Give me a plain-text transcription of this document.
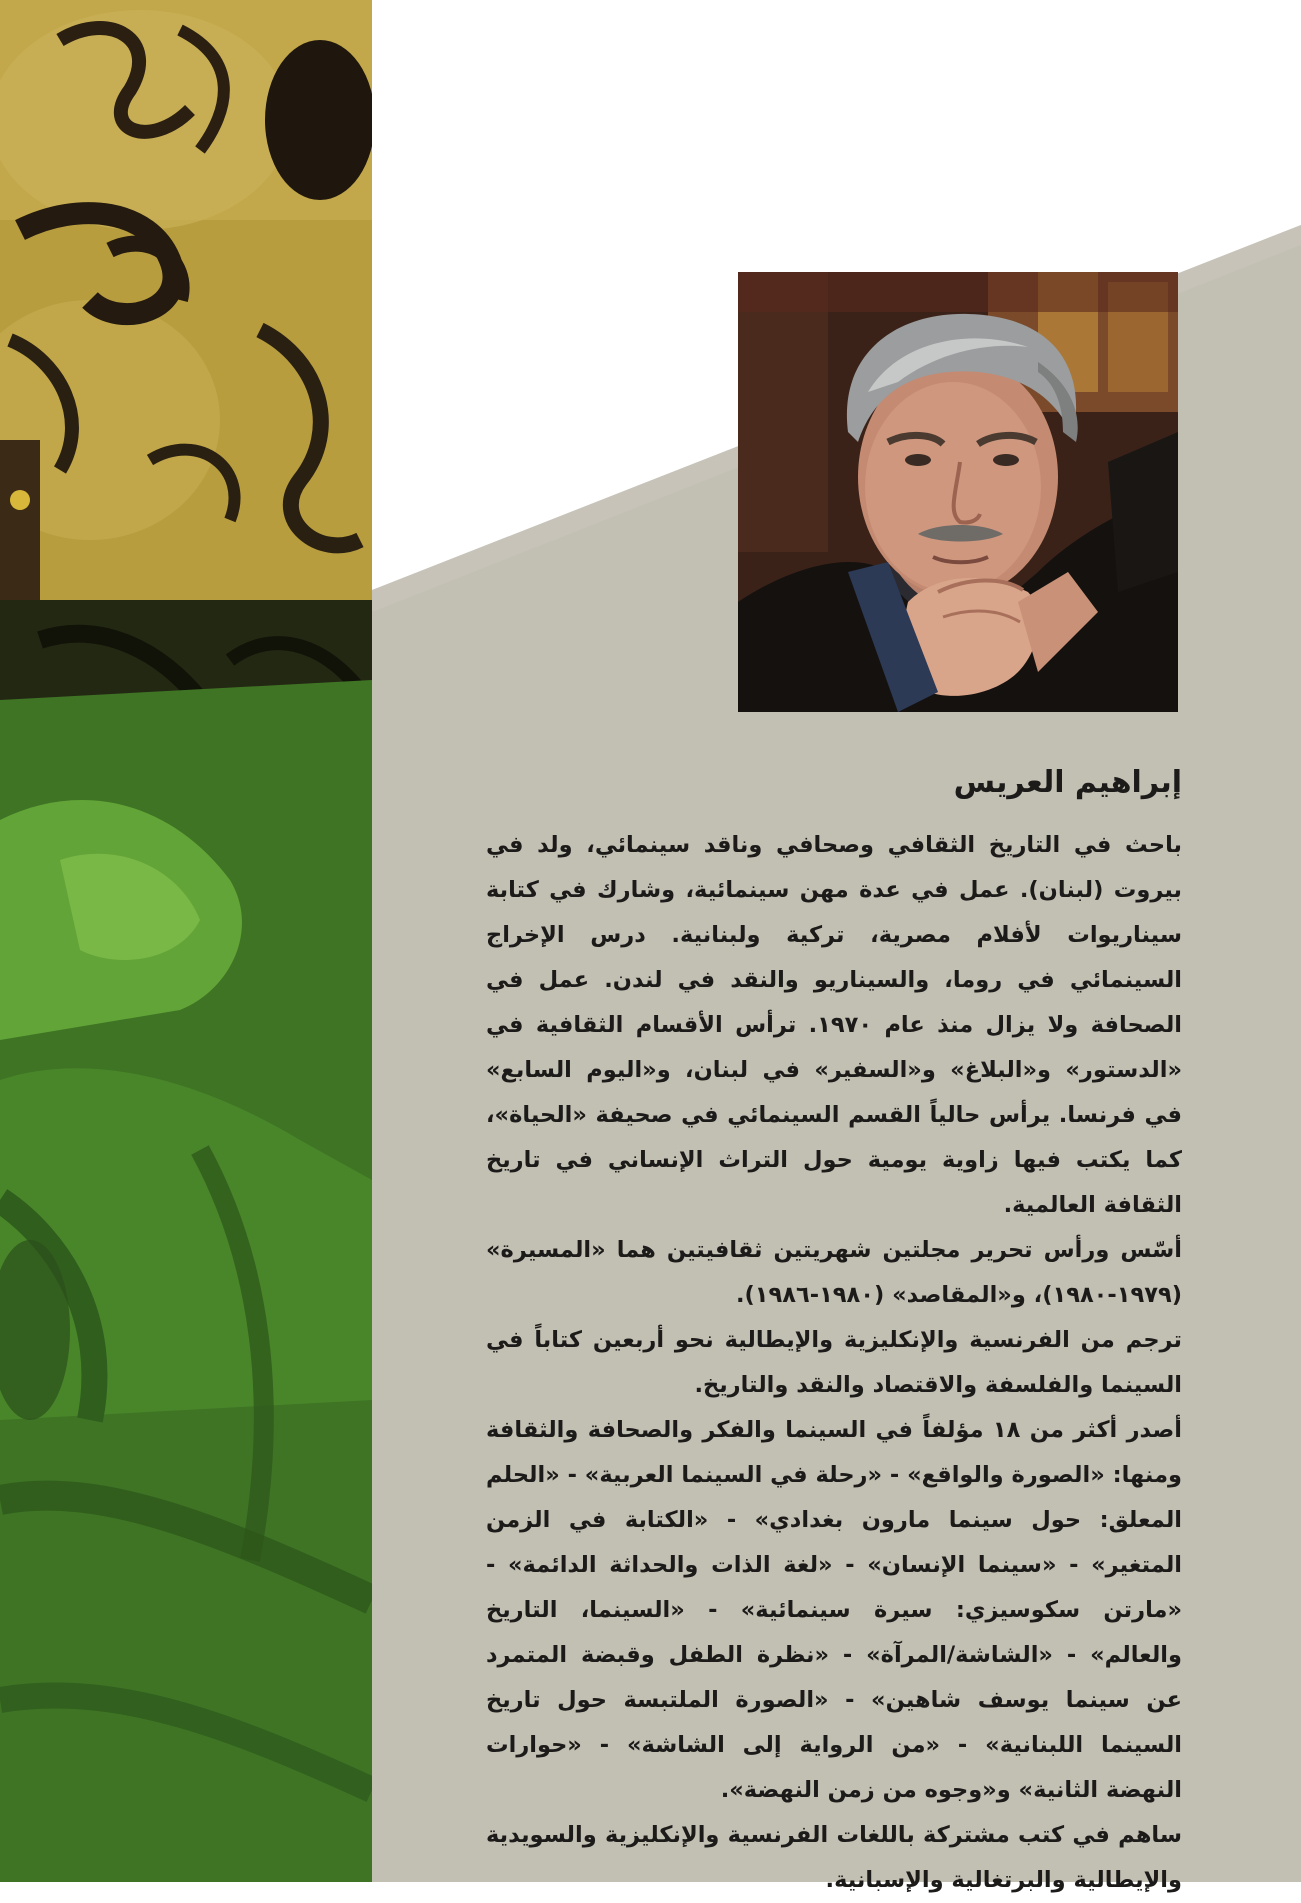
إبراهيم العريس

باحث في التاريخ الثقافي وصحافي وناقد سينمائي، ولد في بيروت (لبنان). عمل في عدة مهن سينمائية، وشارك في كتابة سيناريوات لأفلام مصرية، تركية ولبنانية. درس الإخراج السينمائي في روما، والسيناريو والنقد في لندن. عمل في الصحافة ولا يزال منذ عام ١٩٧٠. ترأس الأقسام الثقافية في «الدستور» و«البلاغ» و«السفير» في لبنان، و«اليوم السابع» في فرنسا. يرأس حالياً القسم السينمائي في صحيفة «الحياة»، كما يكتب فيها زاوية يومية حول التراث الإنساني في تاريخ الثقافة العالمية.

أسّس ورأس تحرير مجلتين شهريتين ثقافيتين هما «المسيرة» (١٩٧٩-١٩٨٠)، و«المقاصد» (١٩٨٠-١٩٨٦).

ترجم من الفرنسية والإنكليزية والإيطالية نحو أربعين كتاباً في السينما والفلسفة والاقتصاد والنقد والتاريخ.

أصدر أكثر من ١٨ مؤلفاً في السينما والفكر والصحافة والثقافة ومنها: «الصورة والواقع» - «رحلة في السينما العربية» - «الحلم المعلق: حول سينما مارون بغدادي» - «الكتابة في الزمن المتغير» - «سينما الإنسان» - «لغة الذات والحداثة الدائمة» - «مارتن سكوسيزي: سيرة سينمائية» - «السينما، التاريخ والعالم» - «الشاشة/المرآة» - «نظرة الطفل وقبضة المتمرد عن سينما يوسف شاهين» - «الصورة الملتبسة حول تاريخ السينما اللبنانية» - «من الرواية إلى الشاشة» - «حوارات النهضة الثانية» و«وجوه من زمن النهضة».

ساهم في كتب مشتركة باللغات الفرنسية والإنكليزية والسويدية والإيطالية والبرتغالية والإسبانية.
